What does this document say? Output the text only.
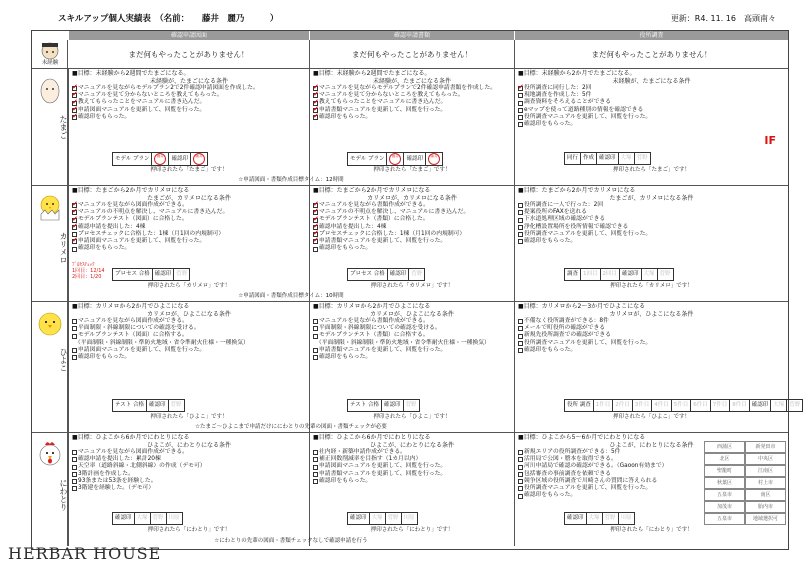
スキルアップ個人実績表　（名前：　　藤井　麗乃　　　）	更新：R4. 11. 16　高頭南々
確認申請図面	確認申請書類	役所調査
未経験
まだ何もやったことがありません！	まだ何もやったことがありません！	まだ何もやったことがありません！
たまご
■目標：未経験から2週間でたまごになる。
未経験が、たまごになる条件
✔
マニュアルを見ながらモデルプラン2で2件確認申請図面を作成した。
✔
マニュアルを見て分からないところを教えてもらった。
✔
教えてもらったことをマニュアルに書き込んだ。
✔
申請図面マニュアルを更新して、回覧を行った。
✔
確認印をもらった。
モデル プラン	藤井	確認印	藤井
押印されたら「たまご」です！
■目標：未経験から2週間でたまごになる。
未経験が、たまごになる条件
✔
マニュアルを見ながらモデルプランで2件確認申請書類を作成した。
✔
マニュアルを見て分からないところを教えてもらった。
✔
教えてもらったことをマニュアルに書き込んだ。
✔
申請書類マニュアルを更新して、回覧を行った。
✔
確認印をもらった。
モデル プラン	藤井	確認印	藤井
押印されたら「たまご」です！
■目標：未経験から2か月でたまごになる。
未経験が、たまごになる条件
✔
役所調査に同行した：2回
現地調査を作成した：5件
調査資料をそろえることができる
eマップを使って道路種別の情報を確認できる
役所調査マニュアルを更新して、回覧を行った。
確認印をもらった。
同行	作成	確認印	大塚	菅野
IF
押印されたら「たまご」です！
☆申請図面・書類作成目標タイム：12時間
カリメロ
■目標：たまごから2か月でカリメロになる
たまごが、カリメロになる条件
✔
マニュアルを見ながら図面作成ができる。
✔
マニュアルの不明点を解決し、マニュアルに書き込んだ。
✔
モデルプランテスト（図面）に合格した。
✔
確認申請を提出した：4棟
プロセスチェックに合格した：1棟（月1回の内規制可）
✔
申請図面マニュアルを更新して、回覧を行った。
確認印をもらった。
ﾌﾟﾛｾｽﾁｪｯｸ
1回目：12/14
2回目：1/20	プロセス 合格	確認印	菅野
押印されたら「カリメロ」です！
■目標：たまごから2か月でカリメロになる
カリメロが、カリメロになる条件
✔
マニュアルを見ながら書類作成ができる。
✔
マニュアルの不明点を解決し、マニュアルに書き込んだ。
✔
モデルプランテスト（書類）に合格した。
✔
確認申請を提出した：4棟
✔
プロセスチェックに合格した：1棟（月1回の内規制可）
✔
申請書類マニュアルを更新して、回覧を行った。
確認印をもらった。
プロセス 合格	確認印	菅野
押印されたら「カリメロ」です！
■目標：たまごから2か月でカリメロになる
たまごが、カリメロになる条件
役所調査に一人で行った：2回
提案役所のFAXを送れる
下水道処理区域の確認ができる
浄化槽設置場所を役所情報で確認できる
役所調査マニュアルを更新して、回覧を行った。
確認印をもらった。
調査	1回目	2回目	確認印	大塚	菅野
押印されたら「カリメロ」です！
☆申請図面・書類作成目標タイム：10時間
ひよこ
■目標：カリメロから2か月でひよこになる
カリメロが、ひよこになる条件
マニュアルを見ながら図面作成ができる。
平面制限・斜線制限についての確認を受ける。
モデルプランテスト（図面）に合格する。
　（平面制限・斜線制限・準防火地域・省令準耐火仕様・一種換気）
申請図面マニュアルを更新して、回覧を行った。
確認印をもらった。
テスト 合格	確認印	菅野
押印されたら「ひよこ」です！
■目標：カリメロから2か月でひよこになる
カリメロが、ひよこになる条件
マニュアルを見ながら書類作成ができる。
平面制限・斜線制限についての確認を受ける。
モデルプランテスト（書類）に合格する。
　（平面制限・斜線制限・準防火地域・省令準耐火仕様・一種換気）
申請書類マニュアルを更新して、回覧を行った。
確認印をもらった。
テスト 合格	確認印	菅野
押印されたら「ひよこ」です！
■目標：カリメロから2〜3か月でひよこになる
カリメロが、ひよこになる条件
不備なく役所調査ができる：8件
メールで町役所の確認ができる
新規先役所調査での確認ができる
役所調査マニュアルを更新して、回覧を行った。
確認印をもらった。
役所 調査	1件目	2件目	3件目	4件目	5件目	6件目	7件目	8件目	確認印	大塚	菅野
押印されたら「ひよこ」です！
☆たまご〜ひよこまで申請だけににわとりの先輩の図面・書類チェックが必要
にわとり
■目標：ひよこから6か月でにわとりになる
ひよこが、にわとりになる条件
マニュアルを見ながら図面作成ができる。
確認申請を提出した：累計20棟
天空率（道路斜線・北側斜線）の作成（デモ可）
3階計画を作成した。
93条または53条を経験した。
3階建を経験した。（デモ可）
確認印	大塚	菅野	川原
押印されたら「にわとり」です！
■目標：ひよこから6か月でにわとりになる
ひよこが、にわとりになる条件
社内経・新築申請作成ができる。
補正回数削減率を目指す（1カ月以内）
申請図面マニュアルを更新して、回覧を行った。
申請書類マニュアルを更新して、回覧を行った。
確認印をもらった。
確認印	大塚	菅野	川原
押印されたら「にわとり」です！
■目標：ひよこから5〜6か月でにわとりになる
ひよこが、にわとりになる条件
新規エリアの役所調査ができる：5件
活用局で公図・謄本を取得できる。
河川申請局で確認の確認ができる。（Gaoon有効まで）
包括審査の事前調査を依頼できる
競争区域の役所調査で川崎さんの質問に答えられる
役所調査マニュアルを更新して、回覧を行った。
確認印をもらった。
確認印	大塚	菅野	川原
西蒲区	新発田市
北区	中央区
聖籠町	江南区
秋葉区	村上市
五泉市	南区
加茂市	胎内市
五泉市	地域選択可
押印されたら「にわとり」です！
☆にわとりの先輩の図面・書類チェックなしで確認申請を行う
HERBAR HOUSE
